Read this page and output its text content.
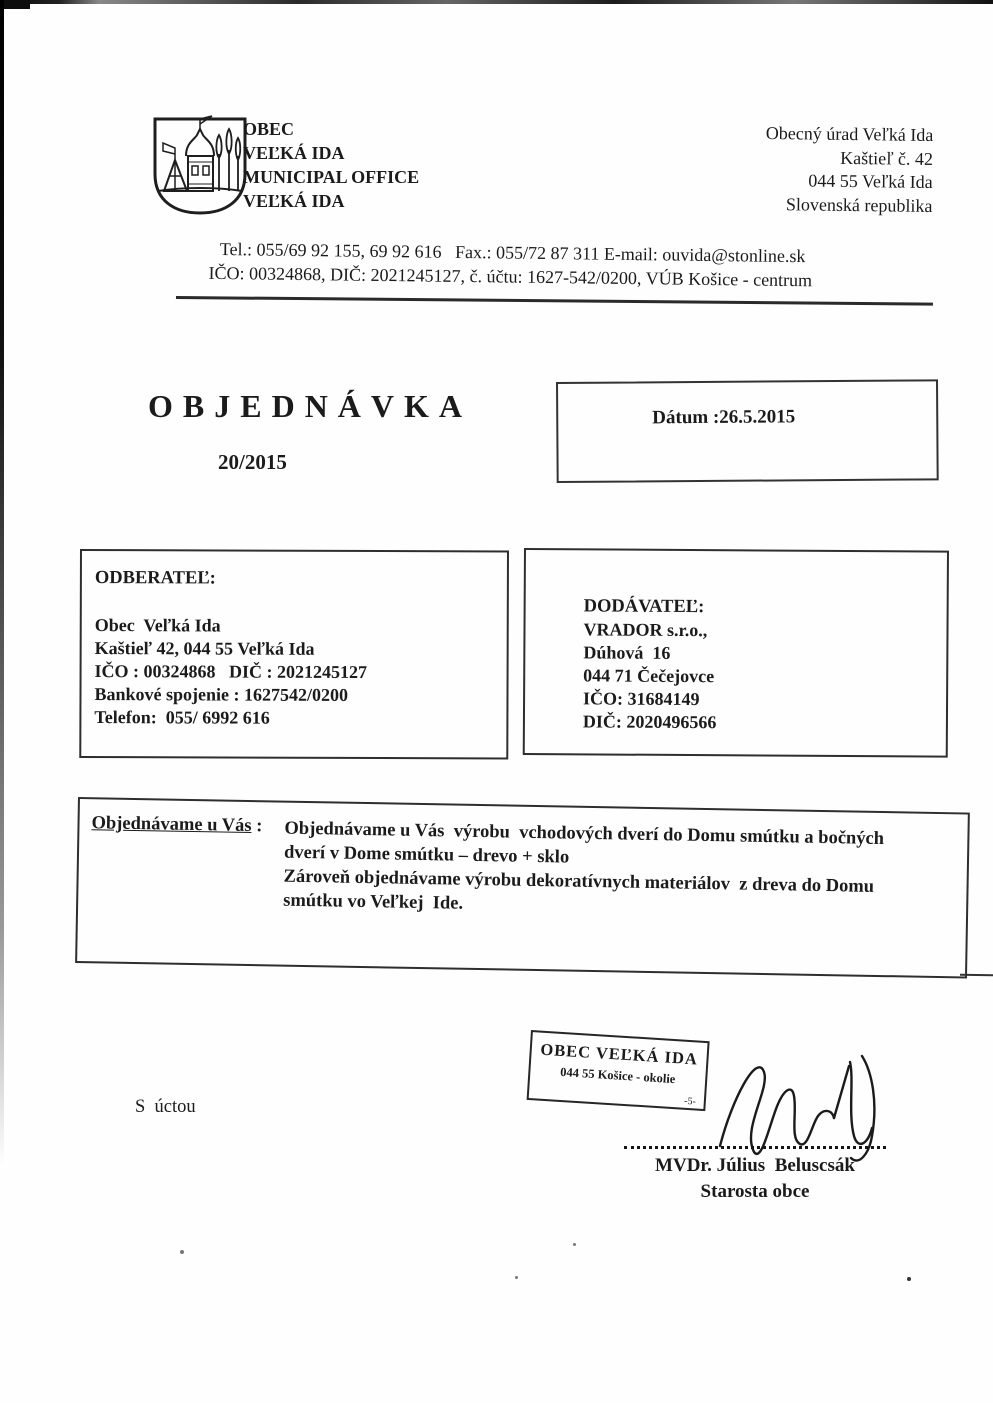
OBEC
VEĽKÁ IDA
MUNICIPAL OFFICE
VEĽKÁ IDA
Obecný úrad Veľká Ida
Kaštieľ č. 42
044 55 Veľká Ida
Slovenská republika
Tel.: 055/69 92 155, 69 92 616   Fax.: 055/72 87 311 E-mail: ouvida@stonline.sk
IČO: 00324868, DIČ: 2021245127, č. účtu: 1627-542/0200, VÚB Košice - centrum
OBJEDNÁVKA
20/2015
Dátum :26.5.2015
ODBERATEĽ:
Obec  Veľká Ida
Kaštieľ 42, 044 55 Veľká Ida
IČO : 00324868   DIČ : 2021245127
Bankové spojenie : 1627542/0200
Telefon:  055/ 6992 616
DODÁVATEĽ:
VRADOR s.r.o.,
Dúhová  16
044 71 Čečejovce
IČO: 31684149
DIČ: 2020496566
Objednávame u Vás : Objednávame u Vás  výrobu  vchodových dverí do Domu smútku a bočných
dverí v Dome smútku – drevo + sklo
Zároveň objednávame výrobu dekoratívnych materiálov  z dreva do Domu
smútku vo Veľkej  Ide.
S  úctou
OBEC VEĽKÁ IDA
044 55 Košice - okolie
-5-
MVDr. Július  Beluscsák
Starosta obce
